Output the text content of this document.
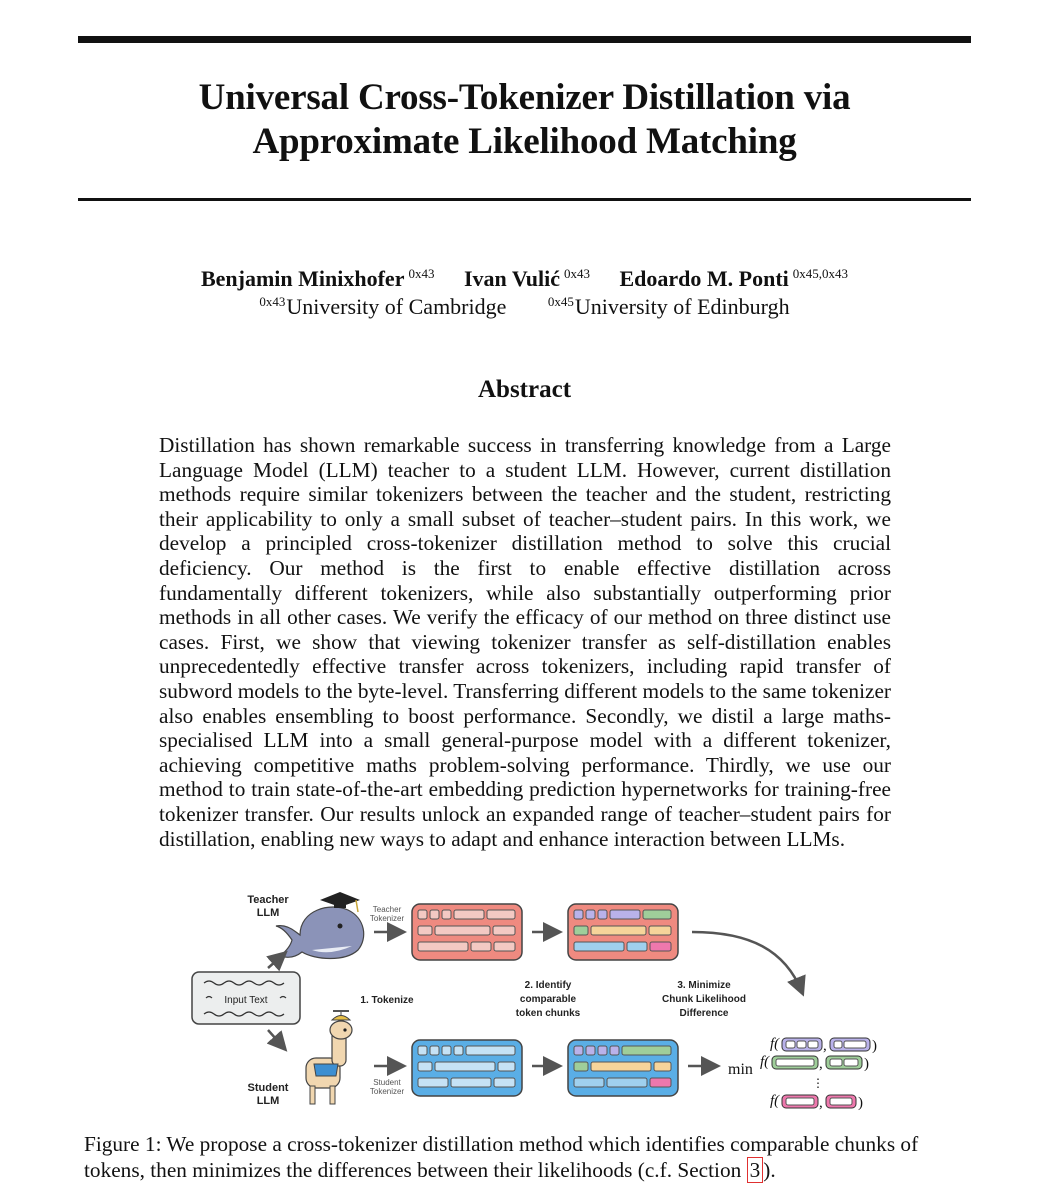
Universal Cross-Tokenizer Distillation via
Approximate Likelihood Matching
Benjamin Minixhofer $^{0x43}$ Ivan Vulić $^{0x43}$ Edoardo M. Ponti $^{0x45,0x43}$
$^{0x43}$University of Cambridge	$^{0x45}$University of Edinburgh
Abstract
Distillation has shown remarkable success in transferring knowledge from a Large Language Model (LLM) teacher to a student LLM. However, current distillation methods require similar tokenizers between the teacher and the student, restricting their applicability to only a small subset of teacher–student pairs. In this work, we develop a principled cross-tokenizer distillation method to solve this crucial deficiency. Our method is the first to enable effective distillation across fundamentally different tokenizers, while also substantially outperforming prior methods in all other cases. We verify the efficacy of our method on three distinct use cases. First, we show that viewing tokenizer transfer as self-distillation enables unprecedentedly effective transfer across tokenizers, including rapid transfer of subword models to the byte-level. Transferring different models to the same tokenizer also enables ensembling to boost performance. Secondly, we distil a large maths-specialised LLM into a small general-purpose model with a different tokenizer, achieving competitive maths problem-solving performance. Thirdly, we use our method to train state-of-the-art embedding prediction hypernetworks for training-free tokenizer transfer. Our results unlock an expanded range of teacher–student pairs for distillation, enabling new ways to adapt and enhance interaction between LLMs.
Teacher
LLM	Teacher
Tokenizer
Input Text	1. Tokenize
2. Identify
comparable
token chunks
3. Minimize
Chunk Likelihood
Difference
Student
LLM
Student
Tokenizer
min
f(	,	)
f(	,	)
⋮
f(	, )
Figure 1: We propose a cross-tokenizer distillation method which identifies comparable chunks of tokens, then minimizes the differences between their likelihoods (c.f. Section 3 ).
